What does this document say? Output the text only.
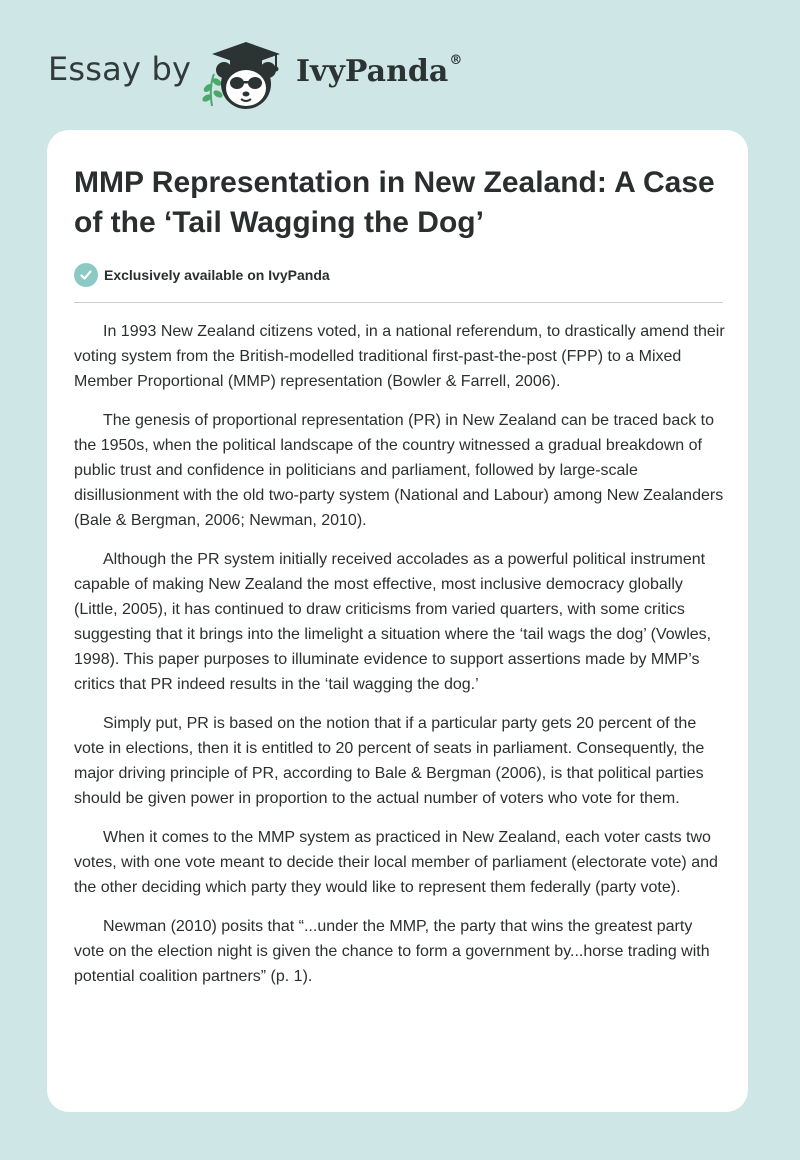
Essay by	IvyPanda®
MMP Representation in New Zealand: A Case of the ‘Tail Wagging the Dog’
Exclusively available on IvyPanda

In 1993 New Zealand citizens voted, in a national referendum, to drastically amend their voting system from the British-modelled traditional first-past-the-post (FPP) to a Mixed Member Proportional (MMP) representation (Bowler & Farrell, 2006).

The genesis of proportional representation (PR) in New Zealand can be traced back to the 1950s, when the political landscape of the country witnessed a gradual breakdown of public trust and confidence in politicians and parliament, followed by large-scale disillusionment with the old two-party system (National and Labour) among New Zealanders (Bale & Bergman, 2006; Newman, 2010).

Although the PR system initially received accolades as a powerful political instrument capable of making New Zealand the most effective, most inclusive democracy globally (Little, 2005), it has continued to draw criticisms from varied quarters, with some critics suggesting that it brings into the limelight a situation where the ‘tail wags the dog’ (Vowles, 1998). This paper purposes to illuminate evidence to support assertions made by MMP’s critics that PR indeed results in the ‘tail wagging the dog.’

Simply put, PR is based on the notion that if a particular party gets 20 percent of the vote in elections, then it is entitled to 20 percent of seats in parliament. Consequently, the major driving principle of PR, according to Bale & Bergman (2006), is that political parties should be given power in proportion to the actual number of voters who vote for them.

When it comes to the MMP system as practiced in New Zealand, each voter casts two votes, with one vote meant to decide their local member of parliament (electorate vote) and the other deciding which party they would like to represent them federally (party vote).

Newman (2010) posits that “...under the MMP, the party that wins the greatest party vote on the election night is given the chance to form a government by...horse trading with potential coalition partners” (p. 1).
